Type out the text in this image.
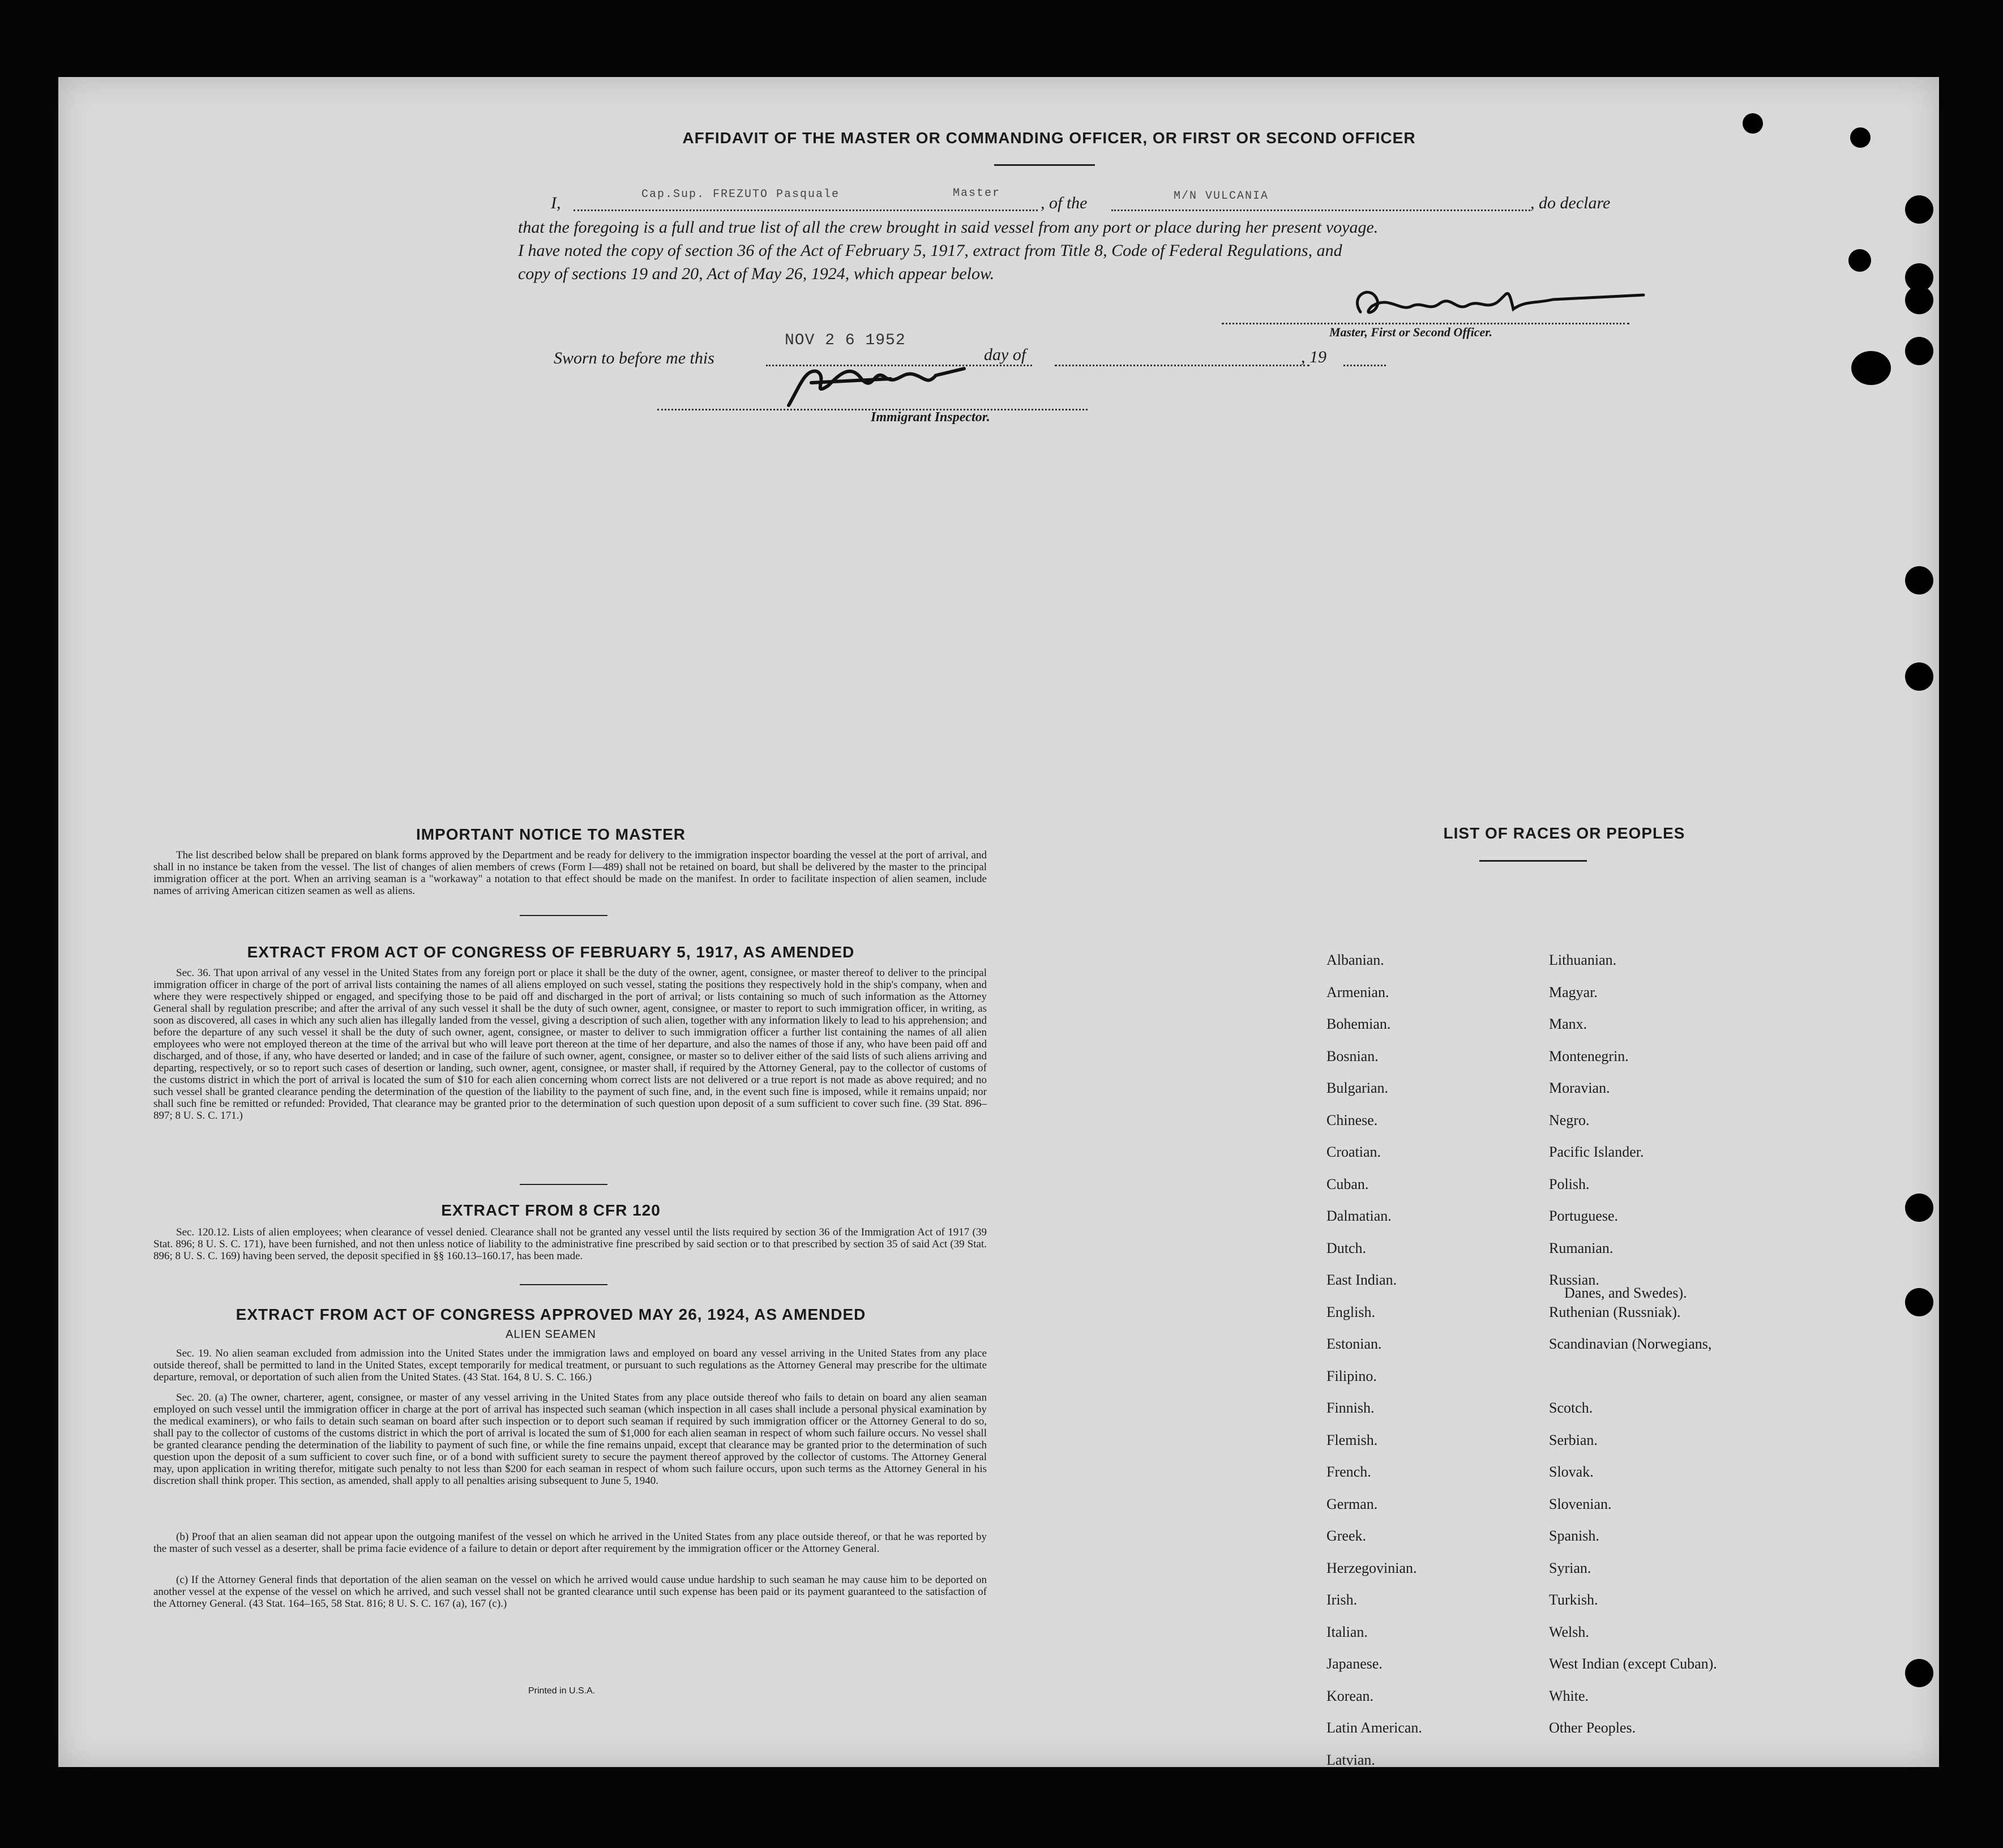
AFFIDAVIT OF THE MASTER OR COMMANDING OFFICER, OR FIRST OR SECOND OFFICER
I,	Cap.Sup. FREZUTO Pasquale	Master
, of the	M/N VULCANIA	, do declare
that the foregoing is a full and true list of all the crew brought in said vessel from any port or place during her present voyage.
I have noted the copy of section 36 of the Act of February 5, 1917, extract from Title 8, Code of Federal Regulations, and
copy of sections 19 and 20, Act of May 26, 1924, which appear below.
Master, First or Second Officer.
NOV 2 6 1952
Sworn to before me this	day of	, 19
Immigrant Inspector.
IMPORTANT NOTICE TO MASTER
The list described below shall be prepared on blank forms approved by the Department and be ready for delivery to the immigration inspector boarding the vessel at the port of arrival, and shall in no instance be taken from the vessel. The list of changes of alien members of crews (Form I—489) shall not be retained on board, but shall be delivered by the master to the principal immigration officer at the port. When an arriving seaman is a "workaway" a notation to that effect should be made on the manifest. In order to facilitate inspection of alien seamen, include names of arriving American citizen seamen as well as aliens.
EXTRACT FROM ACT OF CONGRESS OF FEBRUARY 5, 1917, AS AMENDED
Sec. 36. That upon arrival of any vessel in the United States from any foreign port or place it shall be the duty of the owner, agent, consignee, or master thereof to deliver to the principal immigration officer in charge of the port of arrival lists containing the names of all aliens employed on such vessel, stating the positions they respectively hold in the ship's company, when and where they were respectively shipped or engaged, and specifying those to be paid off and discharged in the port of arrival; or lists containing so much of such information as the Attorney General shall by regulation prescribe; and after the arrival of any such vessel it shall be the duty of such owner, agent, consignee, or master to report to such immigration officer, in writing, as soon as discovered, all cases in which any such alien has illegally landed from the vessel, giving a description of such alien, together with any information likely to lead to his apprehension; and before the departure of any such vessel it shall be the duty of such owner, agent, consignee, or master to deliver to such immigration officer a further list containing the names of all alien employees who were not employed thereon at the time of the arrival but who will leave port thereon at the time of her departure, and also the names of those if any, who have been paid off and discharged, and of those, if any, who have deserted or landed; and in case of the failure of such owner, agent, consignee, or master so to deliver either of the said lists of such aliens arriving and departing, respectively, or so to report such cases of desertion or landing, such owner, agent, consignee, or master shall, if required by the Attorney General, pay to the collector of customs of the customs district in which the port of arrival is located the sum of $10 for each alien concerning whom correct lists are not delivered or a true report is not made as above required; and no such vessel shall be granted clearance pending the determination of the question of the liability to the payment of such fine, and, in the event such fine is imposed, while it remains unpaid; nor shall such fine be remitted or refunded: Provided, That clearance may be granted prior to the determination of such question upon deposit of a sum sufficient to cover such fine. (39 Stat. 896–897; 8 U. S. C. 171.)
EXTRACT FROM 8 CFR 120
Sec. 120.12. Lists of alien employees; when clearance of vessel denied. Clearance shall not be granted any vessel until the lists required by section 36 of the Immigration Act of 1917 (39 Stat. 896; 8 U. S. C. 171), have been furnished, and not then unless notice of liability to the administrative fine prescribed by said section or to that prescribed by section 35 of said Act (39 Stat. 896; 8 U. S. C. 169) having been served, the deposit specified in §§ 160.13–160.17, has been made.
EXTRACT FROM ACT OF CONGRESS APPROVED MAY 26, 1924, AS AMENDED
ALIEN SEAMEN
Sec. 19. No alien seaman excluded from admission into the United States under the immigration laws and employed on board any vessel arriving in the United States from any place outside thereof, shall be permitted to land in the United States, except temporarily for medical treatment, or pursuant to such regulations as the Attorney General may prescribe for the ultimate departure, removal, or deportation of such alien from the United States. (43 Stat. 164, 8 U. S. C. 166.)
Sec. 20. (a) The owner, charterer, agent, consignee, or master of any vessel arriving in the United States from any place outside thereof who fails to detain on board any alien seaman employed on such vessel until the immigration officer in charge at the port of arrival has inspected such seaman (which inspection in all cases shall include a personal physical examination by the medical examiners), or who fails to detain such seaman on board after such inspection or to deport such seaman if required by such immigration officer or the Attorney General to do so, shall pay to the collector of customs of the customs district in which the port of arrival is located the sum of $1,000 for each alien seaman in respect of whom such failure occurs. No vessel shall be granted clearance pending the determination of the liability to payment of such fine, or while the fine remains unpaid, except that clearance may be granted prior to the determination of such question upon the deposit of a sum sufficient to cover such fine, or of a bond with sufficient surety to secure the payment thereof approved by the collector of customs. The Attorney General may, upon application in writing therefor, mitigate such penalty to not less than $200 for each seaman in respect of whom such failure occurs, upon such terms as the Attorney General in his discretion shall think proper. This section, as amended, shall apply to all penalties arising subsequent to June 5, 1940.
(b) Proof that an alien seaman did not appear upon the outgoing manifest of the vessel on which he arrived in the United States from any place outside thereof, or that he was reported by the master of such vessel as a deserter, shall be prima facie evidence of a failure to detain or deport after requirement by the immigration officer or the Attorney General.
(c) If the Attorney General finds that deportation of the alien seaman on the vessel on which he arrived would cause undue hardship to such seaman he may cause him to be deported on another vessel at the expense of the vessel on which he arrived, and such vessel shall not be granted clearance until such expense has been paid or its payment guaranteed to the satisfaction of the Attorney General. (43 Stat. 164–165, 58 Stat. 816; 8 U. S. C. 167 (a), 167 (c).)
Printed in U.S.A.
LIST OF RACES OR PEOPLES
Danes, and Swedes).
Albanian.
Armenian.
Bohemian.
Bosnian.
Bulgarian.
Chinese.
Croatian.
Cuban.
Dalmatian.
Dutch.
East Indian.
English.
Estonian.
Filipino.
Finnish.
Flemish.
French.
German.
Greek.
Herzegovinian.
Irish.
Italian.
Japanese.
Korean.
Latin American.
Latvian.
Lithuanian.
Magyar.
Manx.
Montenegrin.
Moravian.
Negro.
Pacific Islander.
Polish.
Portuguese.
Rumanian.
Russian.
Ruthenian (Russniak).
Scandinavian (Norwegians,
Scotch.
Serbian.
Slovak.
Slovenian.
Spanish.
Syrian.
Turkish.
Welsh.
West Indian (except Cuban).
White.
Other Peoples.
